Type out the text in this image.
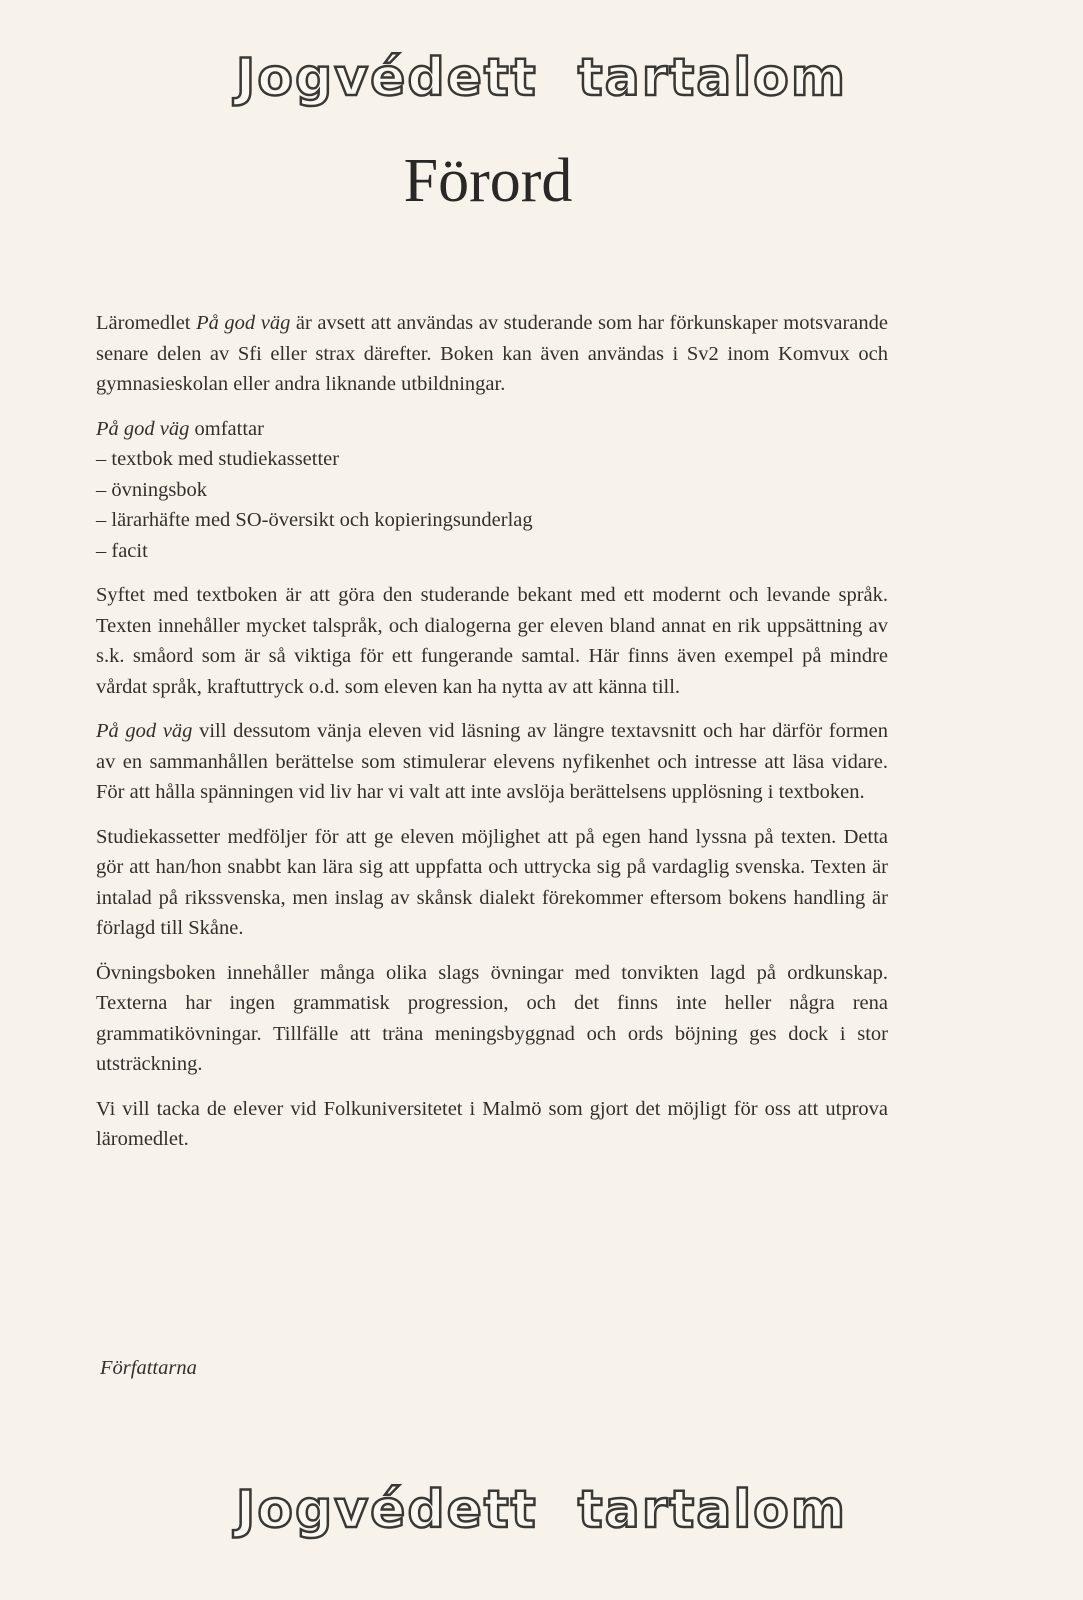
Jogvédett  tartalom
Förord

Läromedlet På god väg är avsett att användas av studerande som har förkunskaper motsvarande senare delen av Sfi eller strax därefter. Boken kan även användas i Sv2 inom Komvux och gymnasieskolan eller andra liknande utbildningar.

På god väg omfattar
– textbok med studiekassetter
– övningsbok
– lärarhäfte med SO-översikt och kopieringsunderlag
– facit

Syftet med textboken är att göra den studerande bekant med ett modernt och levande språk. Texten innehåller mycket talspråk, och dialogerna ger eleven bland annat en rik uppsättning av s.k. småord som är så viktiga för ett fungerande samtal. Här finns även exempel på mindre vårdat språk, kraftuttryck o.d. som eleven kan ha nytta av att känna till.

På god väg vill dessutom vänja eleven vid läsning av längre textavsnitt och har därför formen av en sammanhållen berättelse som stimulerar elevens nyfikenhet och intresse att läsa vidare. För att hålla spänningen vid liv har vi valt att inte avslöja berättelsens upplösning i textboken.

Studiekassetter medföljer för att ge eleven möjlighet att på egen hand lyssna på texten. Detta gör att han/hon snabbt kan lära sig att uppfatta och uttrycka sig på vardaglig svenska. Texten är intalad på rikssvenska, men inslag av skånsk dialekt förekommer eftersom bokens handling är förlagd till Skåne.

Övningsboken innehåller många olika slags övningar med tonvikten lagd på ordkunskap. Texterna har ingen grammatisk progression, och det finns inte heller några rena grammatikövningar. Tillfälle att träna meningsbyggnad och ords böjning ges dock i stor utsträckning.

Vi vill tacka de elever vid Folkuniversitetet i Malmö som gjort det möjligt för oss att utprova läromedlet.

Författarna
Jogvédett  tartalom
